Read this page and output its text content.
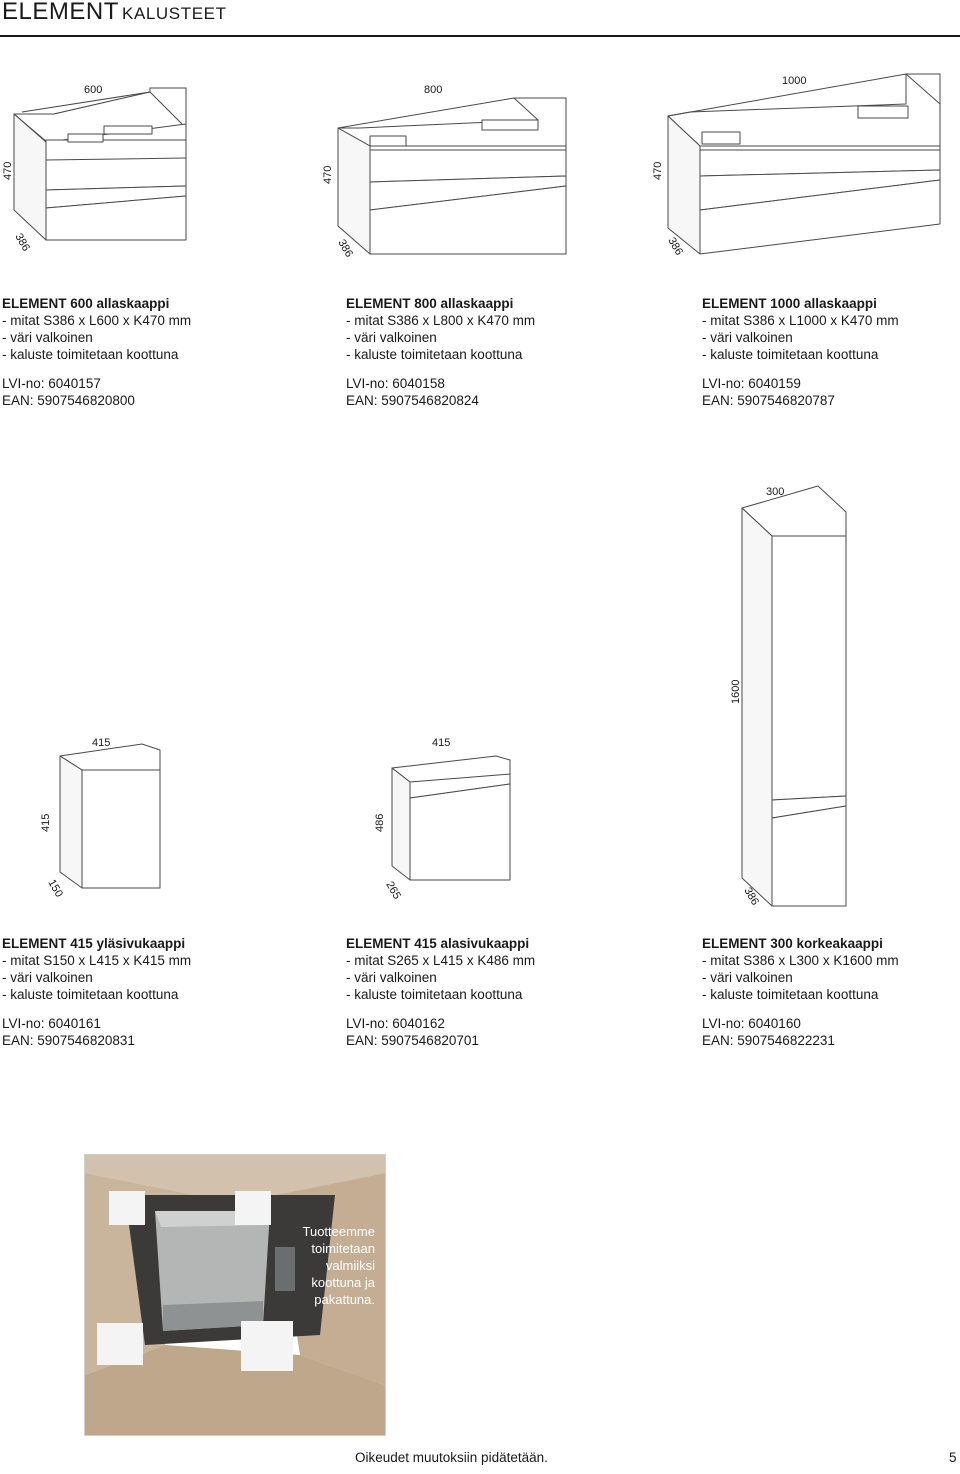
ELEMENT KALUSTEET
600
470
386
800
470
386
1000
470
386
300
1600
386
415
415
150
415
486
265
ELEMENT 600 allaskaappi
- mitat S386 x L600 x K470 mm
- väri valkoinen
- kaluste toimitetaan koottuna
LVI-no: 6040157
EAN: 5907546820800
ELEMENT 800 allaskaappi
- mitat S386 x L800 x K470 mm
- väri valkoinen
- kaluste toimitetaan koottuna
LVI-no: 6040158
EAN: 5907546820824
ELEMENT 1000 allaskaappi
- mitat S386 x L1000 x K470 mm
- väri valkoinen
- kaluste toimitetaan koottuna
LVI-no: 6040159
EAN: 5907546820787
ELEMENT 415 yläsivukaappi
- mitat S150 x L415 x K415 mm
- väri valkoinen
- kaluste toimitetaan koottuna
LVI-no: 6040161
EAN: 5907546820831
ELEMENT 415 alasivukaappi
- mitat S265 x L415 x K486 mm
- väri valkoinen
- kaluste toimitetaan koottuna
LVI-no: 6040162
EAN: 5907546820701
ELEMENT 300 korkeakaappi
- mitat S386 x L300 x K1600 mm
- väri valkoinen
- kaluste toimitetaan koottuna
LVI-no: 6040160
EAN: 5907546822231
Tuotteemme toimitetaan valmiiksi koottuna ja pakattuna.
Oikeudet muutoksiin pidätetään.	5
